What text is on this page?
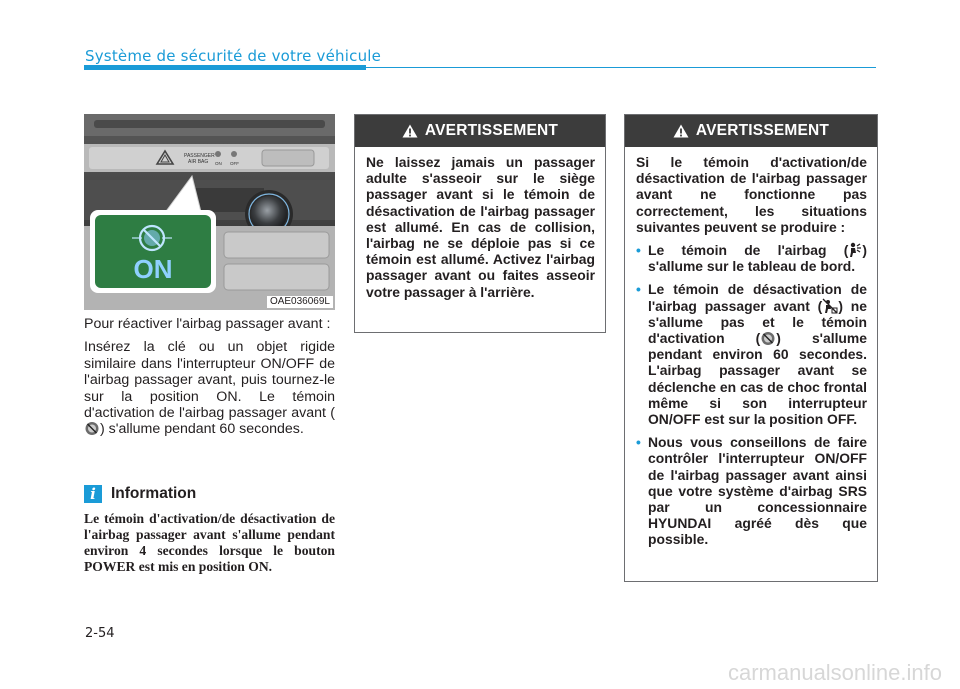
Système de sécurité de votre véhicule
PASSENGER
AIR BAG ON OFF
ON
OAE036069L

Pour réactiver l'airbag passager avant :

Insérez la clé ou un objet rigide similaire dans l'interrupteur ON/OFF de l'airbag passager avant, puis tournez-le sur la position ON. Le témoin d'activation de l'airbag passager avant () s'allume pendant 60 secondes.

i Information

Le témoin d'activation/de désactivation de l'airbag passager avant s'allume pendant environ 4 secondes lorsque le bouton POWER est mis en position ON.

AVERTISSEMENT

Ne laissez jamais un passager adulte s'asseoir sur le siège passager avant si le témoin de désactivation de l'airbag passager est allumé. En cas de collision, l'airbag ne se déploie pas si ce témoin est allumé. Activez l'airbag passager avant ou faites asseoir votre passager à l'arrière.

AVERTISSEMENT

Si le témoin d'activation/de désactivation de l'airbag passager avant ne fonctionne pas correctement, les situations suivantes peuvent se produire :

• Le témoin de l'airbag ( ) s'allume sur le tableau de bord.

• Le témoin de désactivation de l'airbag passager avant ( ) ne s'allume pas et le témoin d'activation ( ) s'allume pendant environ 60 secondes. L'airbag passager avant se déclenche en cas de choc frontal même si son interrupteur ON/OFF est sur la position OFF.

• Nous vous conseillons de faire contrôler l'interrupteur ON/OFF de l'airbag passager avant ainsi que votre système d'airbag SRS par un concessionnaire HYUNDAI agréé dès que possible.

2-54
carmanualsonline.info
